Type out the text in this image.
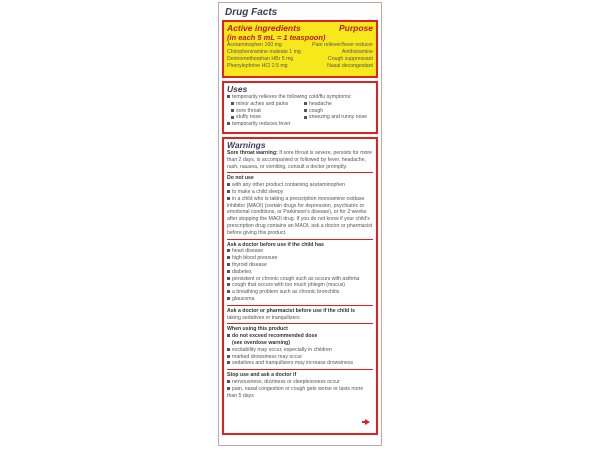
Drug Facts
Active ingredients	Purpose
(in each 5 mL = 1 teaspoon)
Acetaminophen 160 mg	Pain reliever/fever reducer
Chlorpheniramine maleate 1 mg	Antihistamine
Dextromethorphan HBr 5 mg	Cough suppressant
Phenylephrine HCl 2.5 mg	Nasal decongestant
Uses
temporarily relieves the following cold/flu symptoms:
minor aches and pains	headache
sore throat	cough
stuffy nose	sneezing and runny nose
temporarily reduces fever
Warnings
Sore throat warning: If sore throat is severe, persists for more than 2 days, is accompanied or followed by fever, headache, rash, nausea, or vomiting, consult a doctor promptly.
Do not use
with any other product containing acetaminophen
to make a child sleepy
in a child who is taking a prescription monoamine oxidase inhibitor (MAOI) (certain drugs for depression, psychiatric or emotional conditions, or Parkinson's disease), or for 2 weeks after stopping the MAOI drug. If you do not know if your child's prescription drug contains an MAOI, ask a doctor or pharmacist before giving this product.
Ask a doctor before use if the child has
heart disease
high blood pressure
thyroid disease
diabetes
persistent or chronic cough such as occurs with asthma
cough that occurs with too much phlegm (mucus)
a breathing problem such as chronic bronchitis
glaucoma
Ask a doctor or pharmacist before use if the child is
taking sedatives or tranquilizers
When using this product
do not exceed recommended dose
(see overdose warning)
excitability may occur, especially in children
marked drowsiness may occur
sedatives and tranquilizers may increase drowsiness
Stop use and ask a doctor if
nervousness, dizziness or sleeplessness occur
pain, nasal congestion or cough gets worse or lasts more than 5 days
